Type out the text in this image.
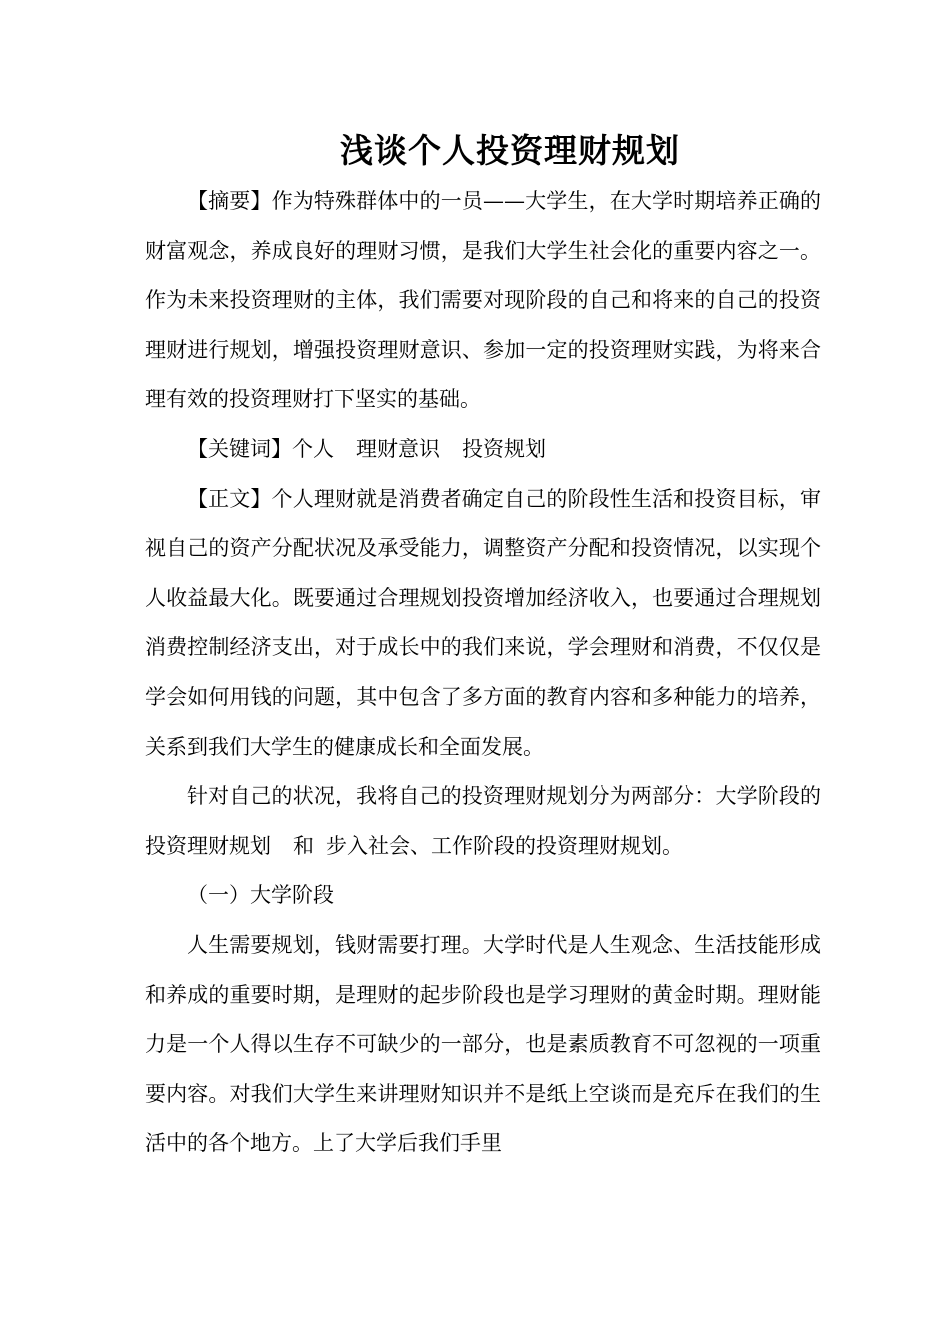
浅谈个人投资理财规划

【摘要】作为特殊群体中的一员——大学生，在大学时期培养正确的财富观念，养成良好的理财习惯，是我们大学生社会化的重要内容之一。作为未来投资理财的主体，我们需要对现阶段的自己和将来的自己的投资理财进行规划，增强投资理财意识、参加一定的投资理财实践，为将来合理有效的投资理财打下坚实的基础。

【关键词】个人 理财意识 投资规划

【正文】个人理财就是消费者确定自己的阶段性生活和投资目标，审视自己的资产分配状况及承受能力，调整资产分配和投资情况，以实现个人收益最大化。既要通过合理规划投资增加经济收入，也要通过合理规划消费控制经济支出，对于成长中的我们来说，学会理财和消费，不仅仅是学会如何用钱的问题，其中包含了多方面的教育内容和多种能力的培养，关系到我们大学生的健康成长和全面发展。

针对自己的状况，我将自己的投资理财规划分为两部分：大学阶段的投资理财规划 和 步入社会、工作阶段的投资理财规划。

（一）大学阶段

人生需要规划，钱财需要打理。大学时代是人生观念、生活技能形成和养成的重要时期，是理财的起步阶段也是学习理财的黄金时期。理财能力是一个人得以生存不可缺少的一部分，也是素质教育不可忽视的一项重要内容。对我们大学生来讲理财知识并不是纸上空谈而是充斥在我们的生活中的各个地方。上了大学后我们手里
